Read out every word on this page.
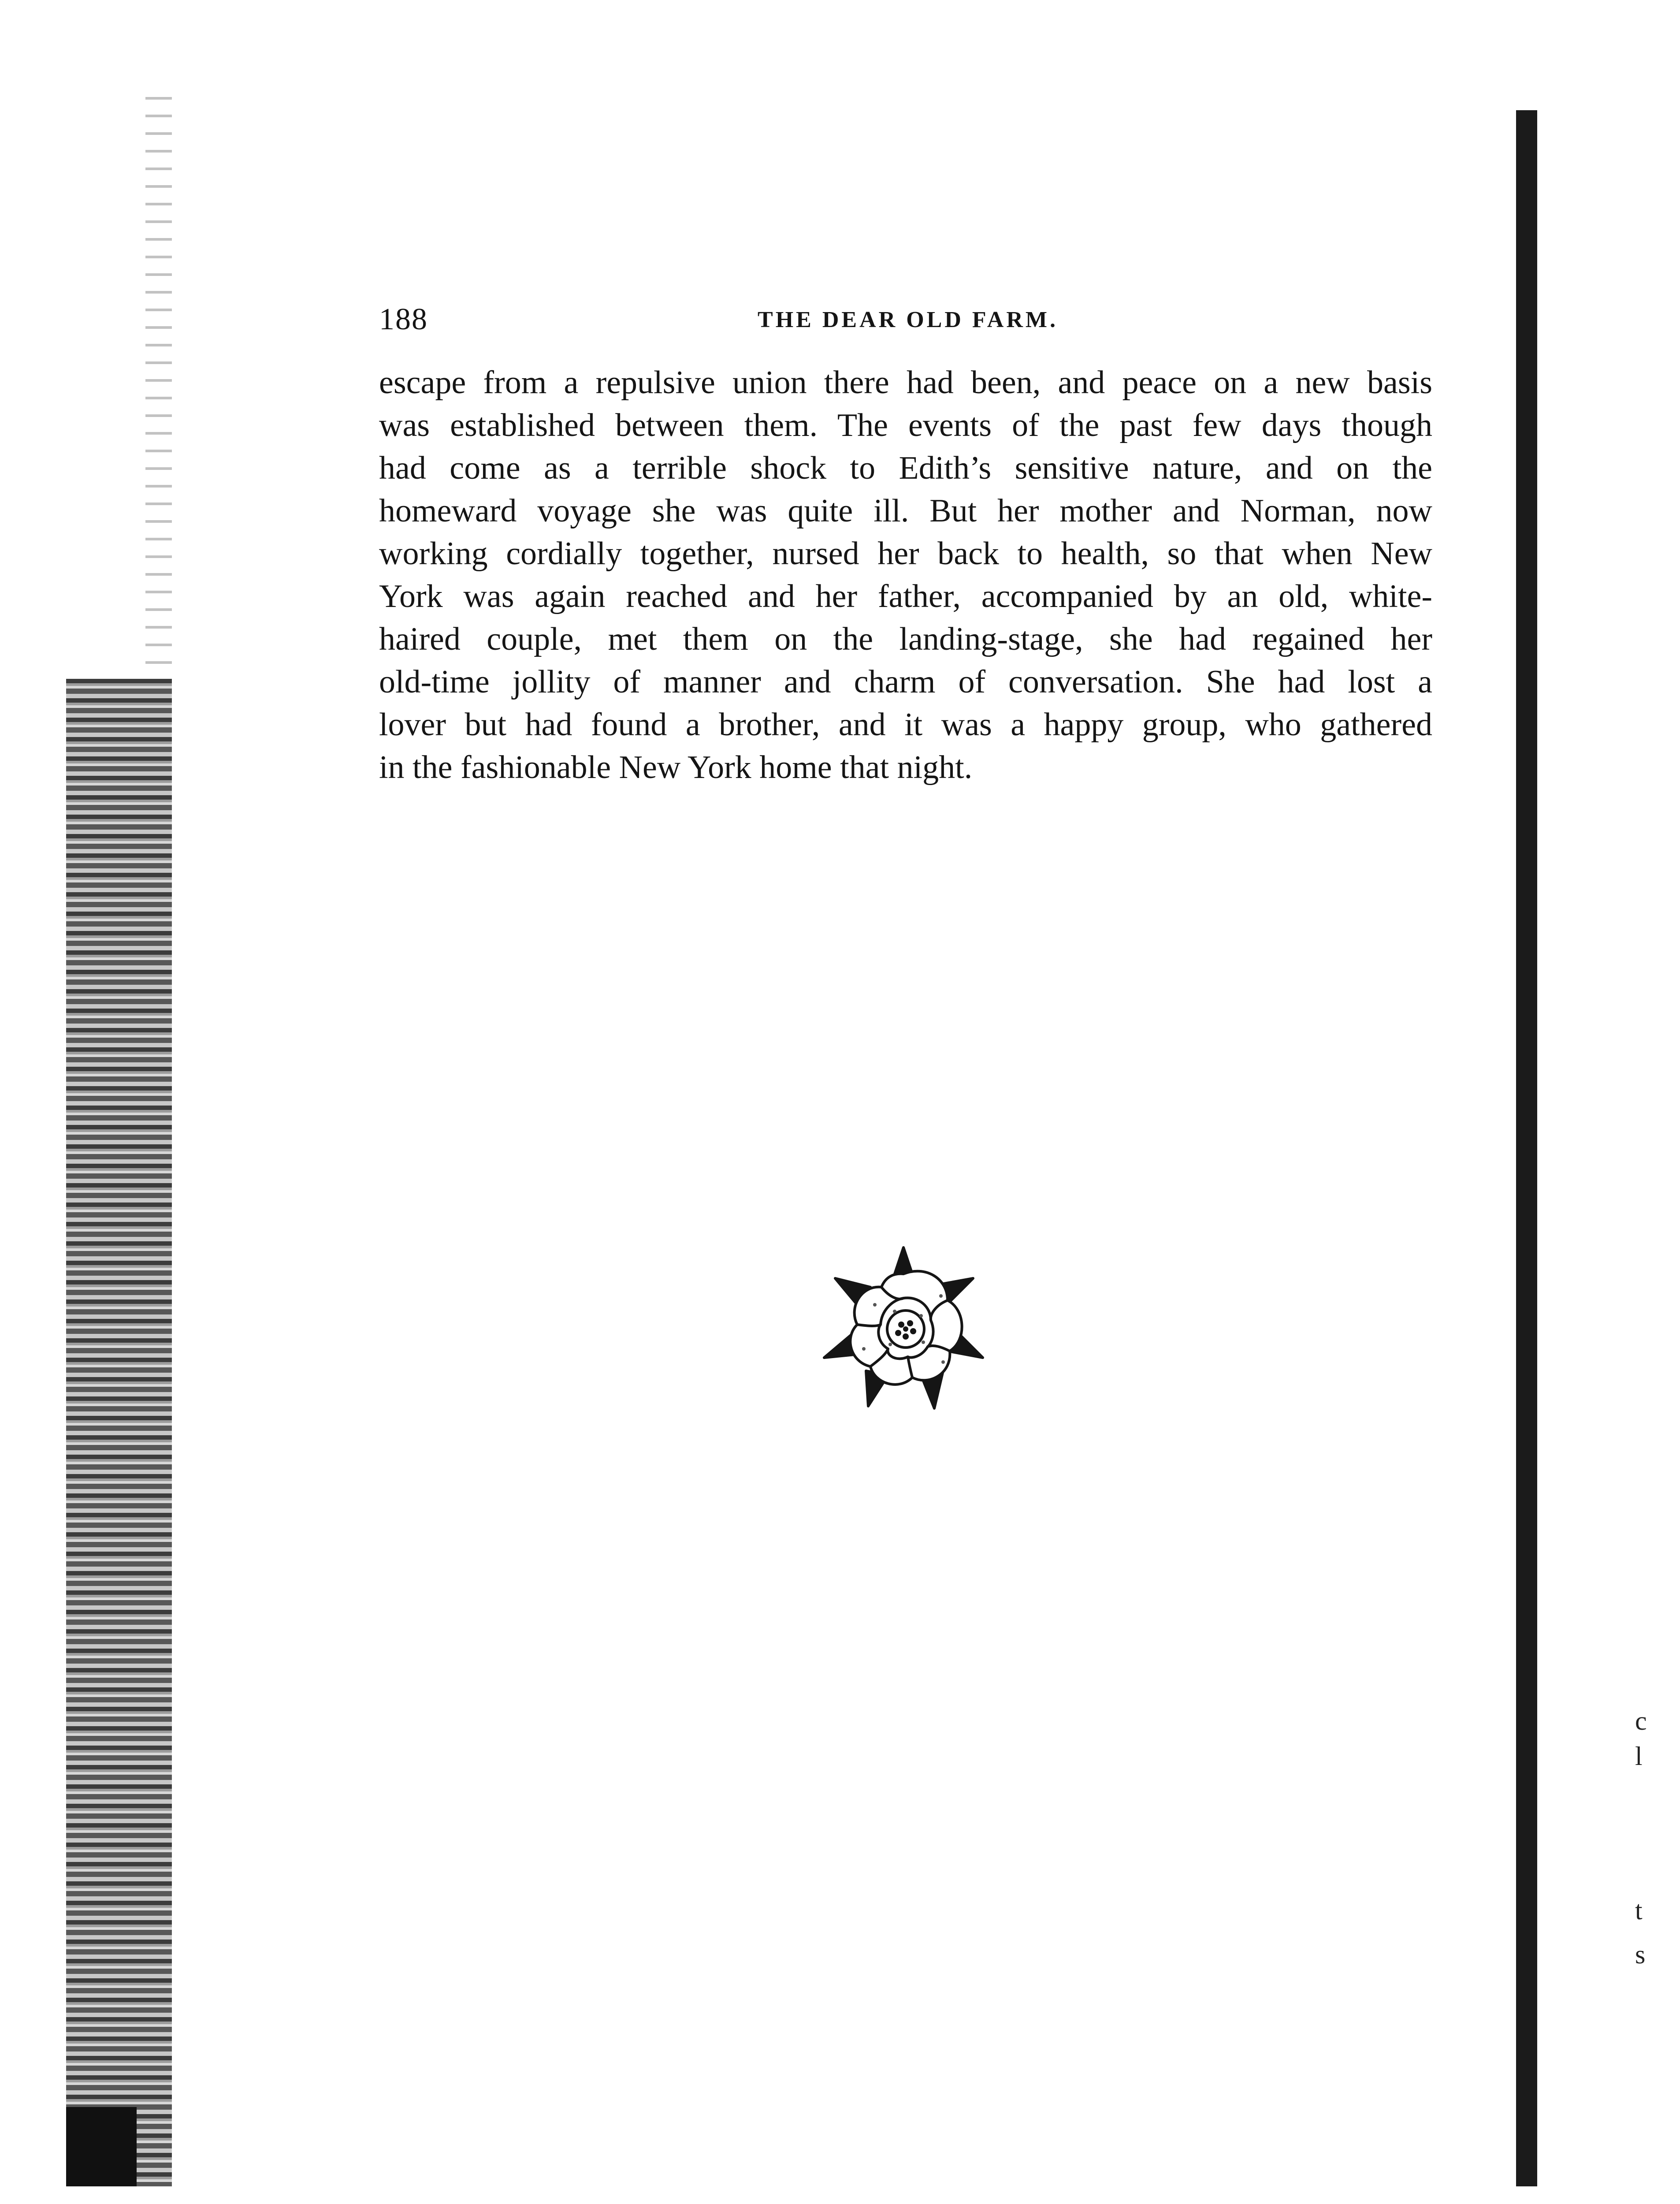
c
l
t
s
188	THE DEAR OLD FARM.
escape from a repulsive union there had been, and peace on a new basis
was established between them. The events of the past few days though
had come as a terrible shock to Edith’s sensitive nature, and on the
homeward voyage she was quite ill. But her mother and Norman, now
working cordially together, nursed her back to health, so that when New
York was again reached and her father, accompanied by an old, white-
haired couple, met them on the landing-stage, she had regained her
old-time jollity of manner and charm of conversation. She had lost a
lover but had found a brother, and it was a happy group, who gathered
in the fashionable New York home that night.
